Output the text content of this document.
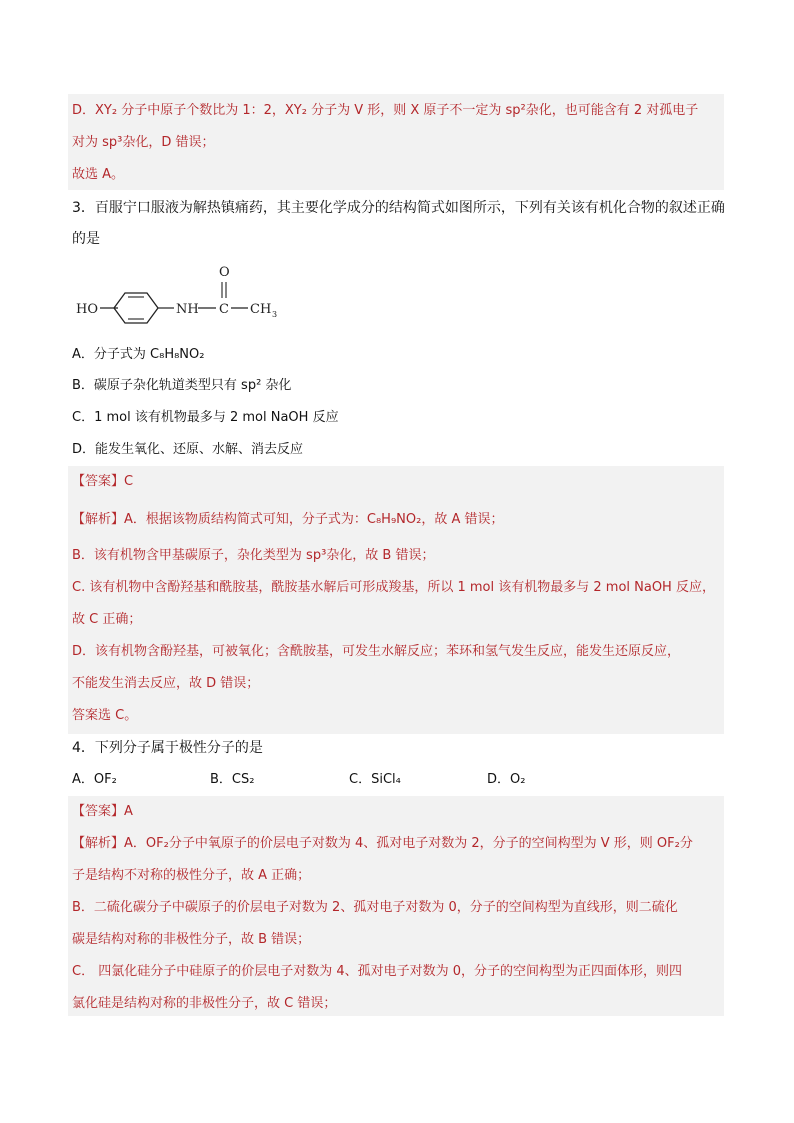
D．XY₂ 分子中原子个数比为 1：2，XY₂ 分子为 V 形，则 X 原子不一定为 sp²杂化，也可能含有 2 对孤电子
对为 sp³杂化，D 错误；
故选 A。
3．百服宁口服液为解热镇痛药，其主要化学成分的结构简式如图所示，下列有关该有机化合物的叙述正确
的是
HO	NH C
O
CH 3
A．分子式为 C₈H₈NO₂
B．碳原子杂化轨道类型只有 sp² 杂化
C．1 mol 该有机物最多与 2 mol NaOH 反应
D．能发生氧化、还原、水解、消去反应
【答案】C
【解析】A．根据该物质结构简式可知，分子式为：C₈H₉NO₂，故 A 错误；
B．该有机物含甲基碳原子，杂化类型为 sp³杂化，故 B 错误；
C. 该有机物中含酚羟基和酰胺基，酰胺基水解后可形成羧基，所以 1 mol 该有机物最多与 2 mol NaOH 反应，
故 C 正确；
D．该有机物含酚羟基，可被氧化；含酰胺基，可发生水解反应；苯环和氢气发生反应，能发生还原反应，
不能发生消去反应，故 D 错误；
答案选 C。
4．下列分子属于极性分子的是
A．OF₂	B．CS₂	C．SiCl₄	D．O₂
【答案】A
【解析】A．OF₂分子中氧原子的价层电子对数为 4、孤对电子对数为 2，分子的空间构型为 V 形，则 OF₂分
子是结构不对称的极性分子，故 A 正确；
B．二硫化碳分子中碳原子的价层电子对数为 2、孤对电子对数为 0，分子的空间构型为直线形，则二硫化
碳是结构对称的非极性分子，故 B 错误；
C． 四氯化硅分子中硅原子的价层电子对数为 4、孤对电子对数为 0，分子的空间构型为正四面体形，则四
氯化硅是结构对称的非极性分子，故 C 错误；
